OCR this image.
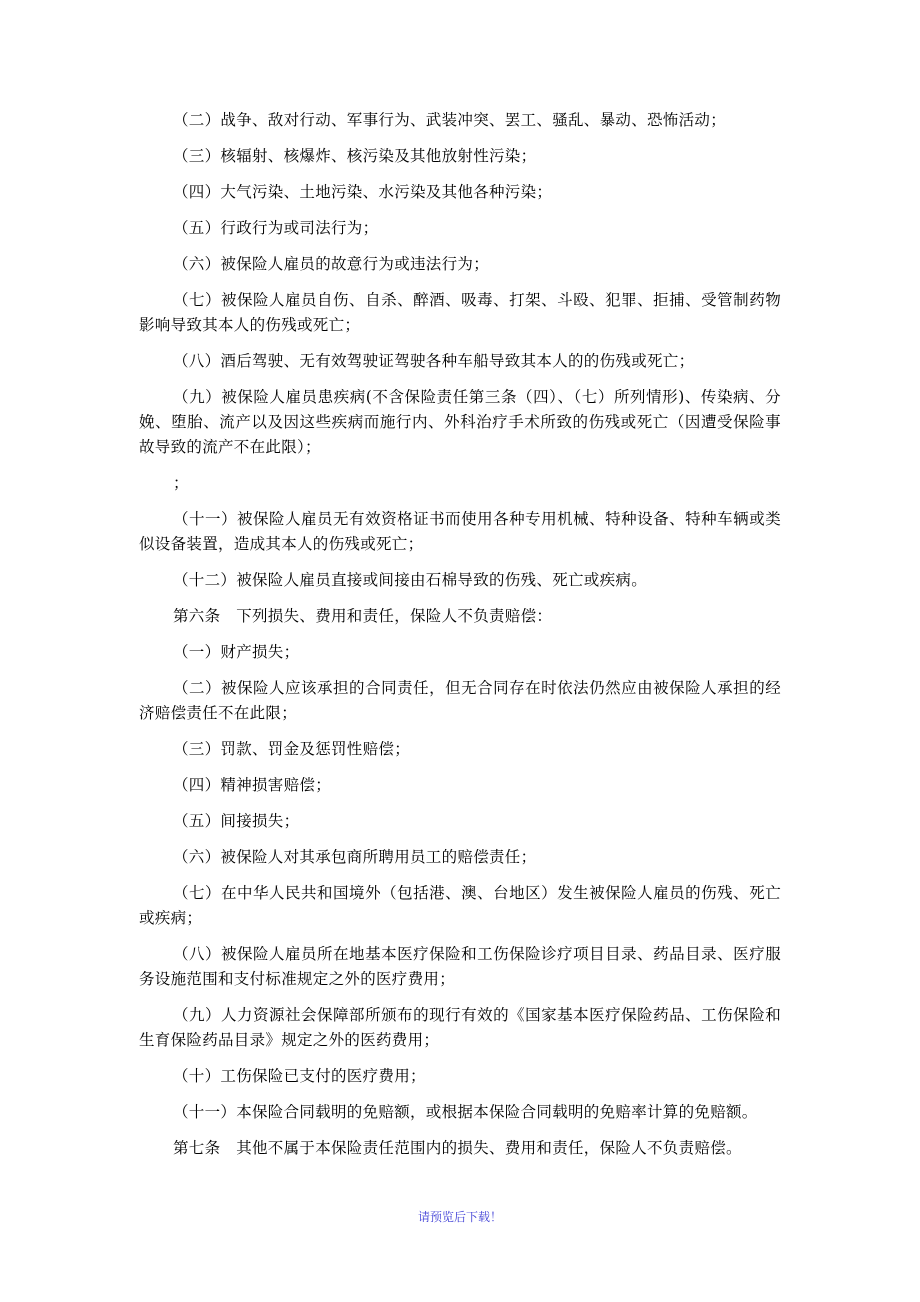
（二）战争、敌对行动、军事行为、武装冲突、罢工、骚乱、暴动、恐怖活动；

（三）核辐射、核爆炸、核污染及其他放射性污染；

（四）大气污染、土地污染、水污染及其他各种污染；

（五）行政行为或司法行为；

（六）被保险人雇员的故意行为或违法行为；

（七）被保险人雇员自伤、自杀、醉酒、吸毒、打架、斗殴、犯罪、拒捕、受管制药物影响导致其本人的伤残或死亡；

（八）酒后驾驶、无有效驾驶证驾驶各种车船导致其本人的的伤残或死亡；

（九）被保险人雇员患疾病(不含保险责任第三条（四）、（七）所列情形)、传染病、分娩、堕胎、流产以及因这些疾病而施行内、外科治疗手术所致的伤残或死亡（因遭受保险事故导致的流产不在此限）；

；

（十一）被保险人雇员无有效资格证书而使用各种专用机械、特种设备、特种车辆或类似设备装置，造成其本人的伤残或死亡；

（十二）被保险人雇员直接或间接由石棉导致的伤残、死亡或疾病。

第六条　下列损失、费用和责任，保险人不负责赔偿：

（一）财产损失；

（二）被保险人应该承担的合同责任，但无合同存在时依法仍然应由被保险人承担的经济赔偿责任不在此限；

（三）罚款、罚金及惩罚性赔偿；

（四）精神损害赔偿；

（五）间接损失；

（六）被保险人对其承包商所聘用员工的赔偿责任；

（七）在中华人民共和国境外（包括港、澳、台地区）发生被保险人雇员的伤残、死亡或疾病；

（八）被保险人雇员所在地基本医疗保险和工伤保险诊疗项目目录、药品目录、医疗服务设施范围和支付标准规定之外的医疗费用；

（九）人力资源社会保障部所颁布的现行有效的《国家基本医疗保险药品、工伤保险和生育保险药品目录》规定之外的医药费用；

（十）工伤保险已支付的医疗费用；

（十一）本保险合同载明的免赔额，或根据本保险合同载明的免赔率计算的免赔额。

第七条　其他不属于本保险责任范围内的损失、费用和责任，保险人不负责赔偿。

请预览后下载！
